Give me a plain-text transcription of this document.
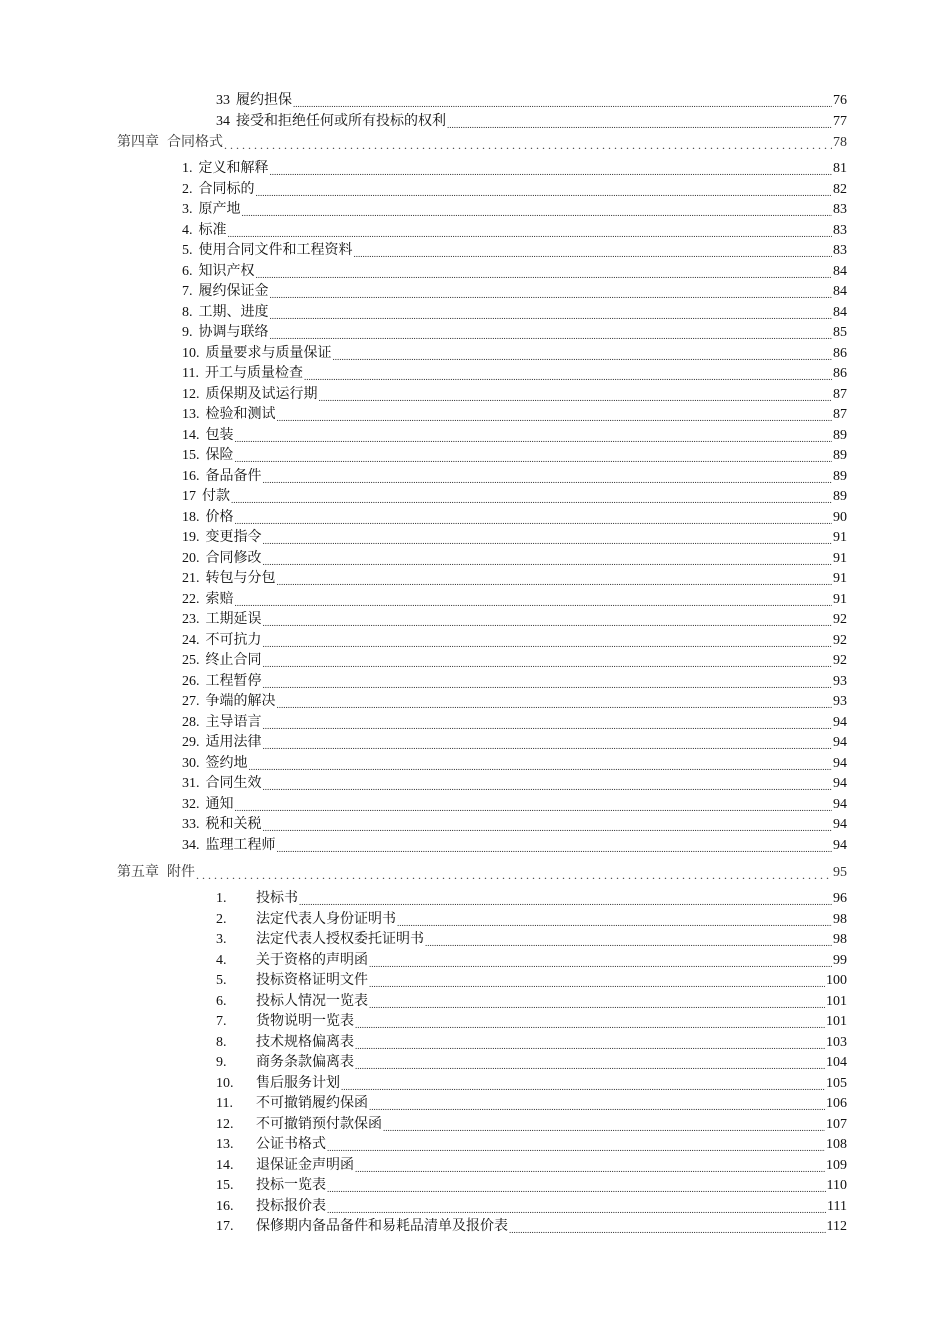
33 履约担保 .....	76
34 接受和拒绝任何或所有投标的权利 .....	77
第四章 合同格式 . . .	78
1. 定义和解释 .....	81
2. 合同标的 .....	82
3. 原产地 .....	83
4. 标准 .....	83
5. 使用合同文件和工程资料 .....	83
6. 知识产权 .....	84
7. 履约保证金 .....	84
8. 工期、进度 .....	84
9. 协调与联络 .....	85
10. 质量要求与质量保证 .....	86
11. 开工与质量检查 .....	86
12. 质保期及试运行期 .....	87
13. 检验和测试 .....	87
14. 包装 .....	89
15. 保险 .....	89
16. 备品备件 .....	89
17 付款 .....	89
18. 价格 .....	90
19. 变更指令 .....	91
20. 合同修改 .....	91
21. 转包与分包 .....	91
22. 索赔 .....	91
23. 工期延误 .....	92
24. 不可抗力 .....	92
25. 终止合同 .....	92
26. 工程暂停 .....	93
27. 争端的解决 .....	93
28. 主导语言 .....	94
29. 适用法律 .....	94
30. 签约地 .....	94
31. 合同生效 .....	94
32. 通知 .....	94
33. 税和关税 .....	94
34. 监理工程师 .....	94
第五章 附件 . . .	95
1.	投标书 .....	96
2.	法定代表人身份证明书 .....	98
3.	法定代表人授权委托证明书 .....	98
4.	关于资格的声明函 .....	99
5.	投标资格证明文件 .....	100
6.	投标人情况一览表 .....	101
7.	货物说明一览表 .....	101
8.	技术规格偏离表 .....	103
9.	商务条款偏离表 .....	104
10.	售后服务计划 .....	105
11.	不可撤销履约保函 .....	106
12.	不可撤销预付款保函 .....	107
13.	公证书格式 .....	108
14.	退保证金声明函 .....	109
15.	投标一览表 .....	110
16.	投标报价表 .....	111
17.	保修期内备品备件和易耗品清单及报价表 .....	112
